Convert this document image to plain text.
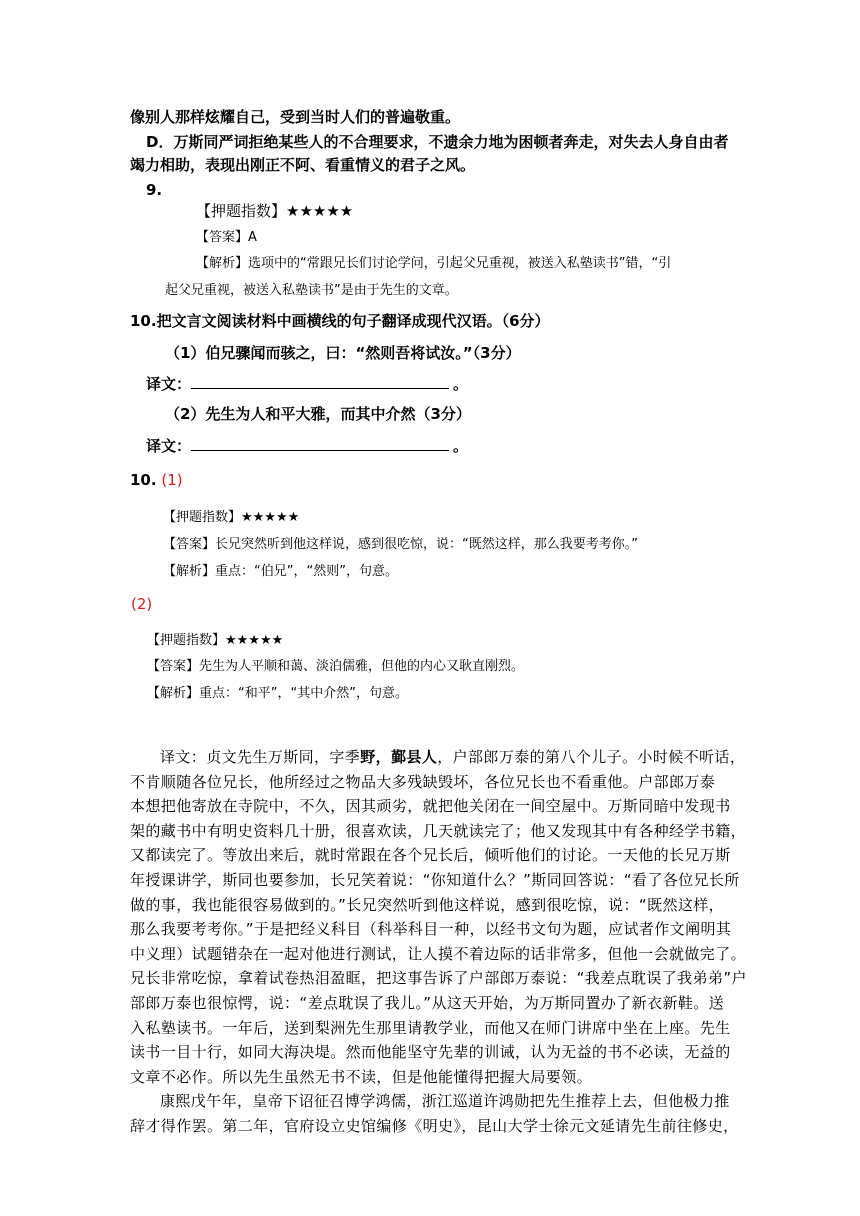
像别人那样炫耀自己，受到当时人们的普遍敬重。
D．万斯同严词拒绝某些人的不合理要求，不遗余力地为困顿者奔走，对失去人身自由者
竭力相助，表现出刚正不阿、看重情义的君子之风。
9.
【押题指数】★★★★★
【答案】A
【解析】选项中的“常跟兄长们讨论学问，引起父兄重视，被送入私塾读书”错，“引
起父兄重视，被送入私塾读书”是由于先生的文章。
10.把文言文阅读材料中画横线的句子翻译成现代汉语。（6分）
（1）伯兄骤闻而骇之，曰：“然则吾将试汝。”（3分）
译文：	。
（2）先生为人和平大雅，而其中介然（3分）
译文：	。
10. (1)
【押题指数】★★★★★
【答案】长兄突然听到他这样说，感到很吃惊，说：“既然这样，那么我要考考你。”
【解析】重点：“伯兄”，“然则”，句意。
(2)
【押题指数】★★★★★
【答案】先生为人平顺和蔼、淡泊儒雅，但他的内心又耿直刚烈。
【解析】重点：“和平”，“其中介然”，句意。
译文：贞文先生万斯同，字季野，鄞县人，户部郎万泰的第八个儿子。小时候不听话，
不肯顺随各位兄长，他所经过之物品大多残缺毁坏，各位兄长也不看重他。户部郎万泰
本想把他寄放在寺院中，不久，因其顽劣，就把他关闭在一间空屋中。万斯同暗中发现书
架的藏书中有明史资料几十册，很喜欢读，几天就读完了；他又发现其中有各种经学书籍，
又都读完了。等放出来后，就时常跟在各个兄长后，倾听他们的讨论。一天他的长兄万斯
年授课讲学，斯同也要参加，长兄笑着说：“你知道什么？”斯同回答说：“看了各位兄长所
做的事，我也能很容易做到的。”长兄突然听到他这样说，感到很吃惊，说：“既然这样，
那么我要考考你。”于是把经义科目（科举科目一种，以经书文句为题，应试者作文阐明其
中义理）试题错杂在一起对他进行测试，让人摸不着边际的话非常多，但他一会就做完了。
兄长非常吃惊，拿着试卷热泪盈眶，把这事告诉了户部郎万泰说：“我差点耽误了我弟弟”户
部郎万泰也很惊愕，说：“差点耽误了我儿。”从这天开始，为万斯同置办了新衣新鞋。送
入私塾读书。一年后，送到梨洲先生那里请教学业，而他又在师门讲席中坐在上座。先生
读书一目十行，如同大海决堤。然而他能坚守先辈的训诫，认为无益的书不必读，无益的
文章不必作。所以先生虽然无书不读，但是他能懂得把握大局要领。
康熙戊午年，皇帝下诏征召博学鸿儒，浙江巡道许鸿勋把先生推荐上去，但他极力推
辞才得作罢。第二年，官府设立史馆编修《明史》，昆山大学士徐元文延请先生前往修史，
